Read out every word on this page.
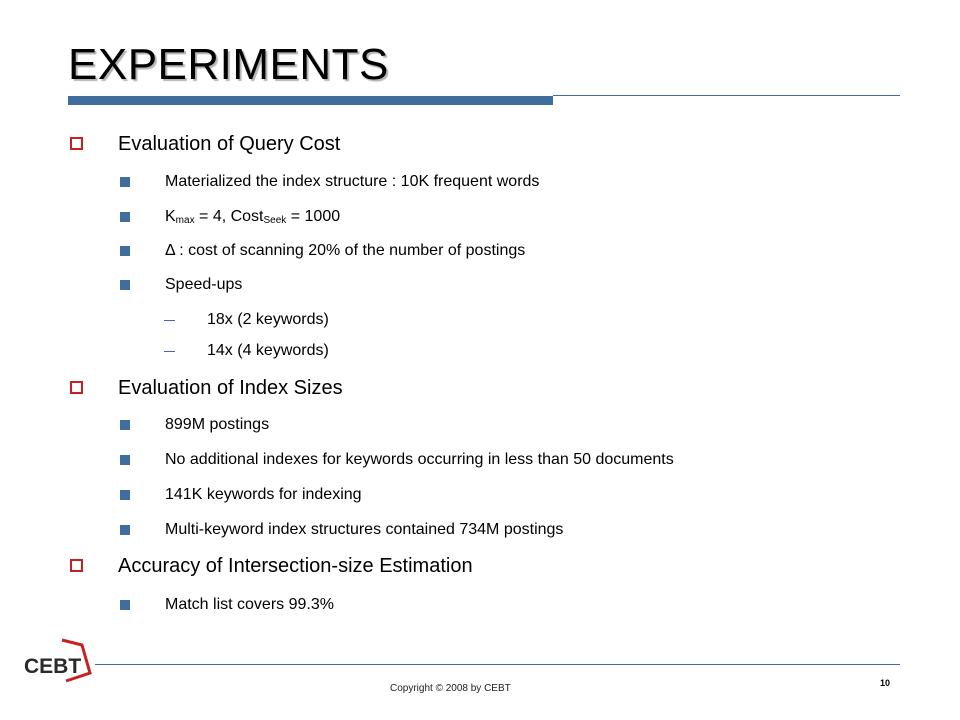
EXPERIMENTS
Evaluation of Query Cost
Materialized the index structure : 10K frequent words
$K_{max} = 4$, Cost$_{Seek}$ = 1000
Δ : cost of scanning 20% of the number of postings
Speed-ups
18x (2 keywords)
14x (4 keywords)
Evaluation of Index Sizes
899M postings
No additional indexes for keywords occurring in less than 50 documents
141K keywords for indexing
Multi-keyword index structures contained 734M postings
Accuracy of Intersection-size Estimation
Match list covers 99.3%
CEBT
Copyright © 2008 by CEBT	10
